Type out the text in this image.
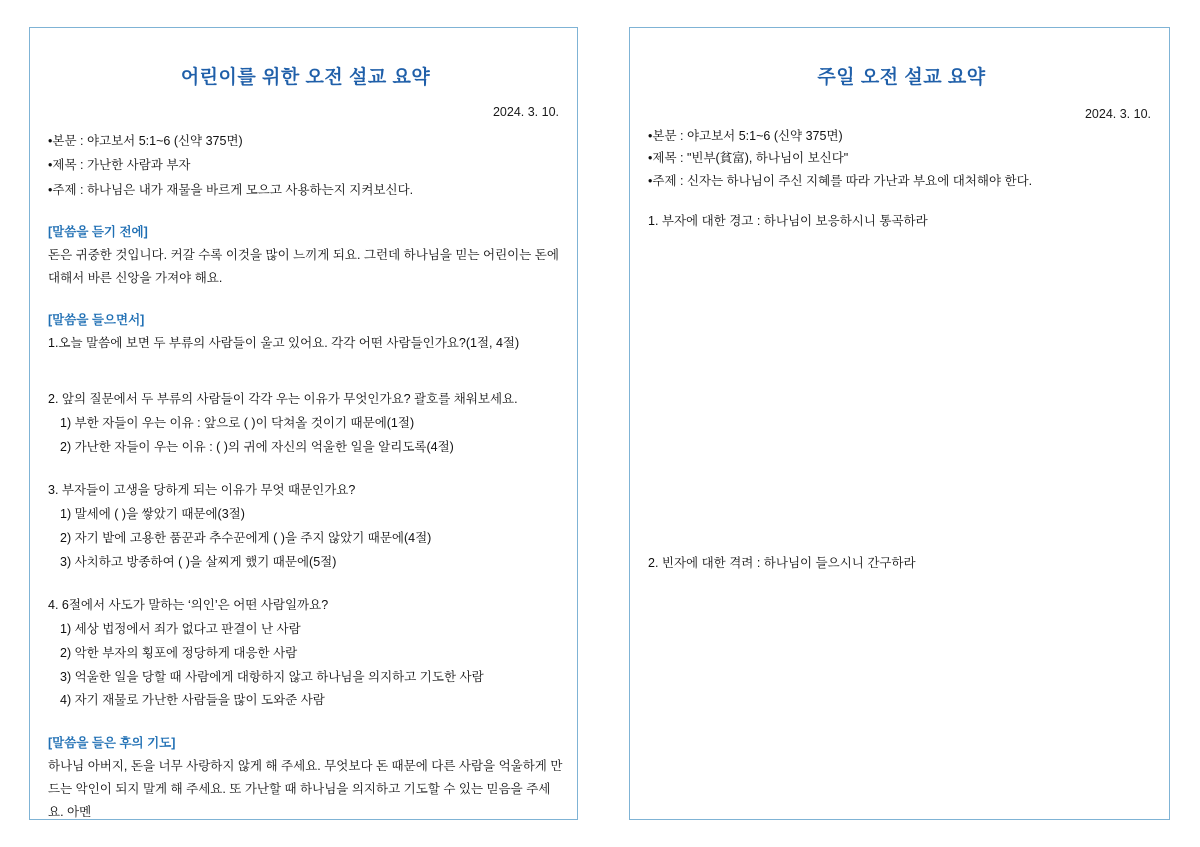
어린이를 위한 오전 설교 요약
2024. 3. 10.
•본문 : 야고보서 5:1~6 (신약 375면)
•제목 : 가난한 사람과 부자
•주제 : 하나님은 내가 재물을 바르게 모으고 사용하는지 지켜보신다.
[말씀을 듣기 전에]

돈은 귀중한 것입니다. 커갈 수록 이것을 많이 느끼게 되요. 그런데 하나님을 믿는 어린이는 돈에 대해서 바른 신앙을 가져야 해요.

[말씀을 들으면서]
1.오늘 말씀에 보면 두 부류의 사람들이 울고 있어요. 각각 어떤 사람들인가요?(1절, 4절)
2. 앞의 질문에서 두 부류의 사람들이 각각 우는 이유가 무엇인가요? 괄호를 채워보세요.
1) 부한 자들이 우는 이유 : 앞으로 ( )이 닥쳐올 것이기 때문에(1절)
2) 가난한 자들이 우는 이유 : ( )의 귀에 자신의 억울한 일을 알리도록(4절)
3. 부자들이 고생을 당하게 되는 이유가 무엇 때문인가요?
1) 말세에 ( )을 쌓았기 때문에(3절)
2) 자기 밭에 고용한 품꾼과 추수꾼에게 ( )을 주지 않았기 때문에(4절)
3) 사치하고 방종하여 ( )을 살찌게 했기 때문에(5절)
4. 6절에서 사도가 말하는 ‘의인’은 어떤 사람일까요?
1) 세상 법정에서 죄가 없다고 판결이 난 사람
2) 악한 부자의 횡포에 정당하게 대응한 사람
3) 억울한 일을 당할 때 사람에게 대항하지 않고 하나님을 의지하고 기도한 사람
4) 자기 재물로 가난한 사람들을 많이 도와준 사람
[말씀을 들은 후의 기도]

하나님 아버지, 돈을 너무 사랑하지 않게 해 주세요. 무엇보다 돈 때문에 다른 사람을 억울하게 만드는 악인이 되지 말게 해 주세요. 또 가난할 때 하나님을 의지하고 기도할 수 있는 믿음을 주세요. 아멘

주일 오전 설교 요약
2024. 3. 10.
•본문 : 야고보서 5:1~6 (신약 375면)
•제목 : "빈부(貧富), 하나님이 보신다"
•주제 : 신자는 하나님이 주신 지혜를 따라 가난과 부요에 대처해야 한다.
1. 부자에 대한 경고 : 하나님이 보응하시니 통곡하라
2. 빈자에 대한 격려 : 하나님이 들으시니 간구하라
